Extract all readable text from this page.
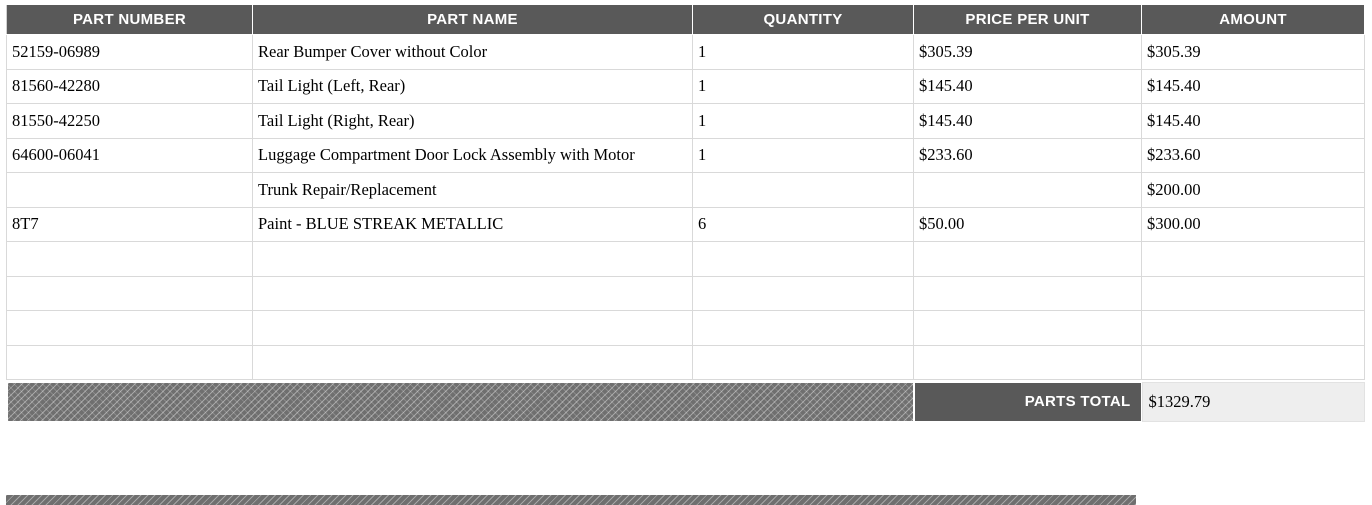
PART NUMBER	PART NAME	QUANTITY	PRICE PER UNIT	AMOUNT
52159-06989	Rear Bumper Cover without Color	1	$305.39	$305.39
81560-42280	Tail Light (Left, Rear)	1	$145.40	$145.40
81550-42250	Tail Light (Right, Rear)	1	$145.40	$145.40
64600-06041	Luggage Compartment Door Lock Assembly with Motor	1	$233.60	$233.60
	Trunk Repair/Replacement			$200.00
8T7	Paint - BLUE STREAK METALLIC	6	$50.00	$300.00

PARTS TOTAL	$1329.79
